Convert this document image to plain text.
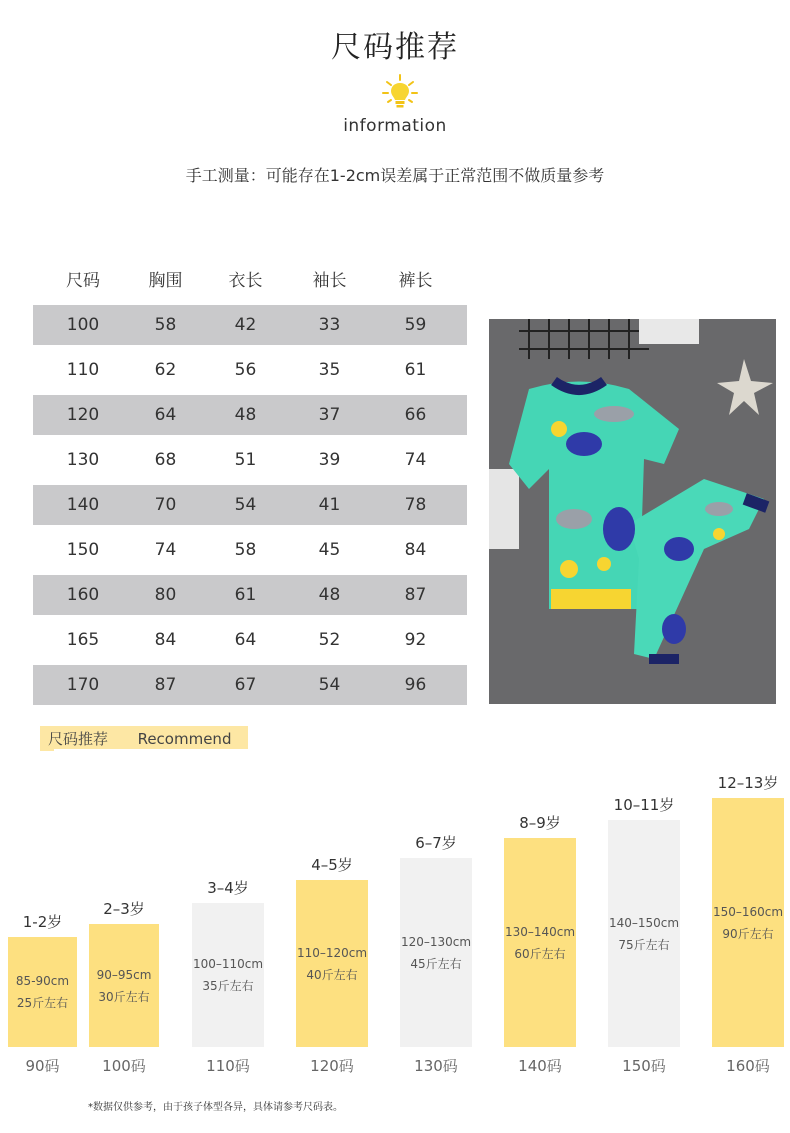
尺码推荐
information
手工测量：可能存在1-2cm误差属于正常范围不做质量参考
尺码	胸围	衣长	袖长	裤长
100	58	42	33	59
110	62	56	35	61
120	64	48	37	66
130	68	51	39	74
140	70	54	41	78
150	74	58	45	84
160	80	61	48	87
165	84	64	52	92
170	87	67	54	96
尺码推荐 Recommend
1-2岁
85-90cm
25斤左右
90码
2–3岁
90–95cm
30斤左右
100码
3–4岁
100–110cm
35斤左右
110码
4–5岁
110–120cm
40斤左右
120码
6–7岁
120–130cm
45斤左右
130码
8–9岁
130–140cm
60斤左右
140码
10–11岁
140–150cm
75斤左右
150码
12–13岁
150–160cm
90斤左右
160码
*数据仅供参考，由于孩子体型各异，具体请参考尺码表。
